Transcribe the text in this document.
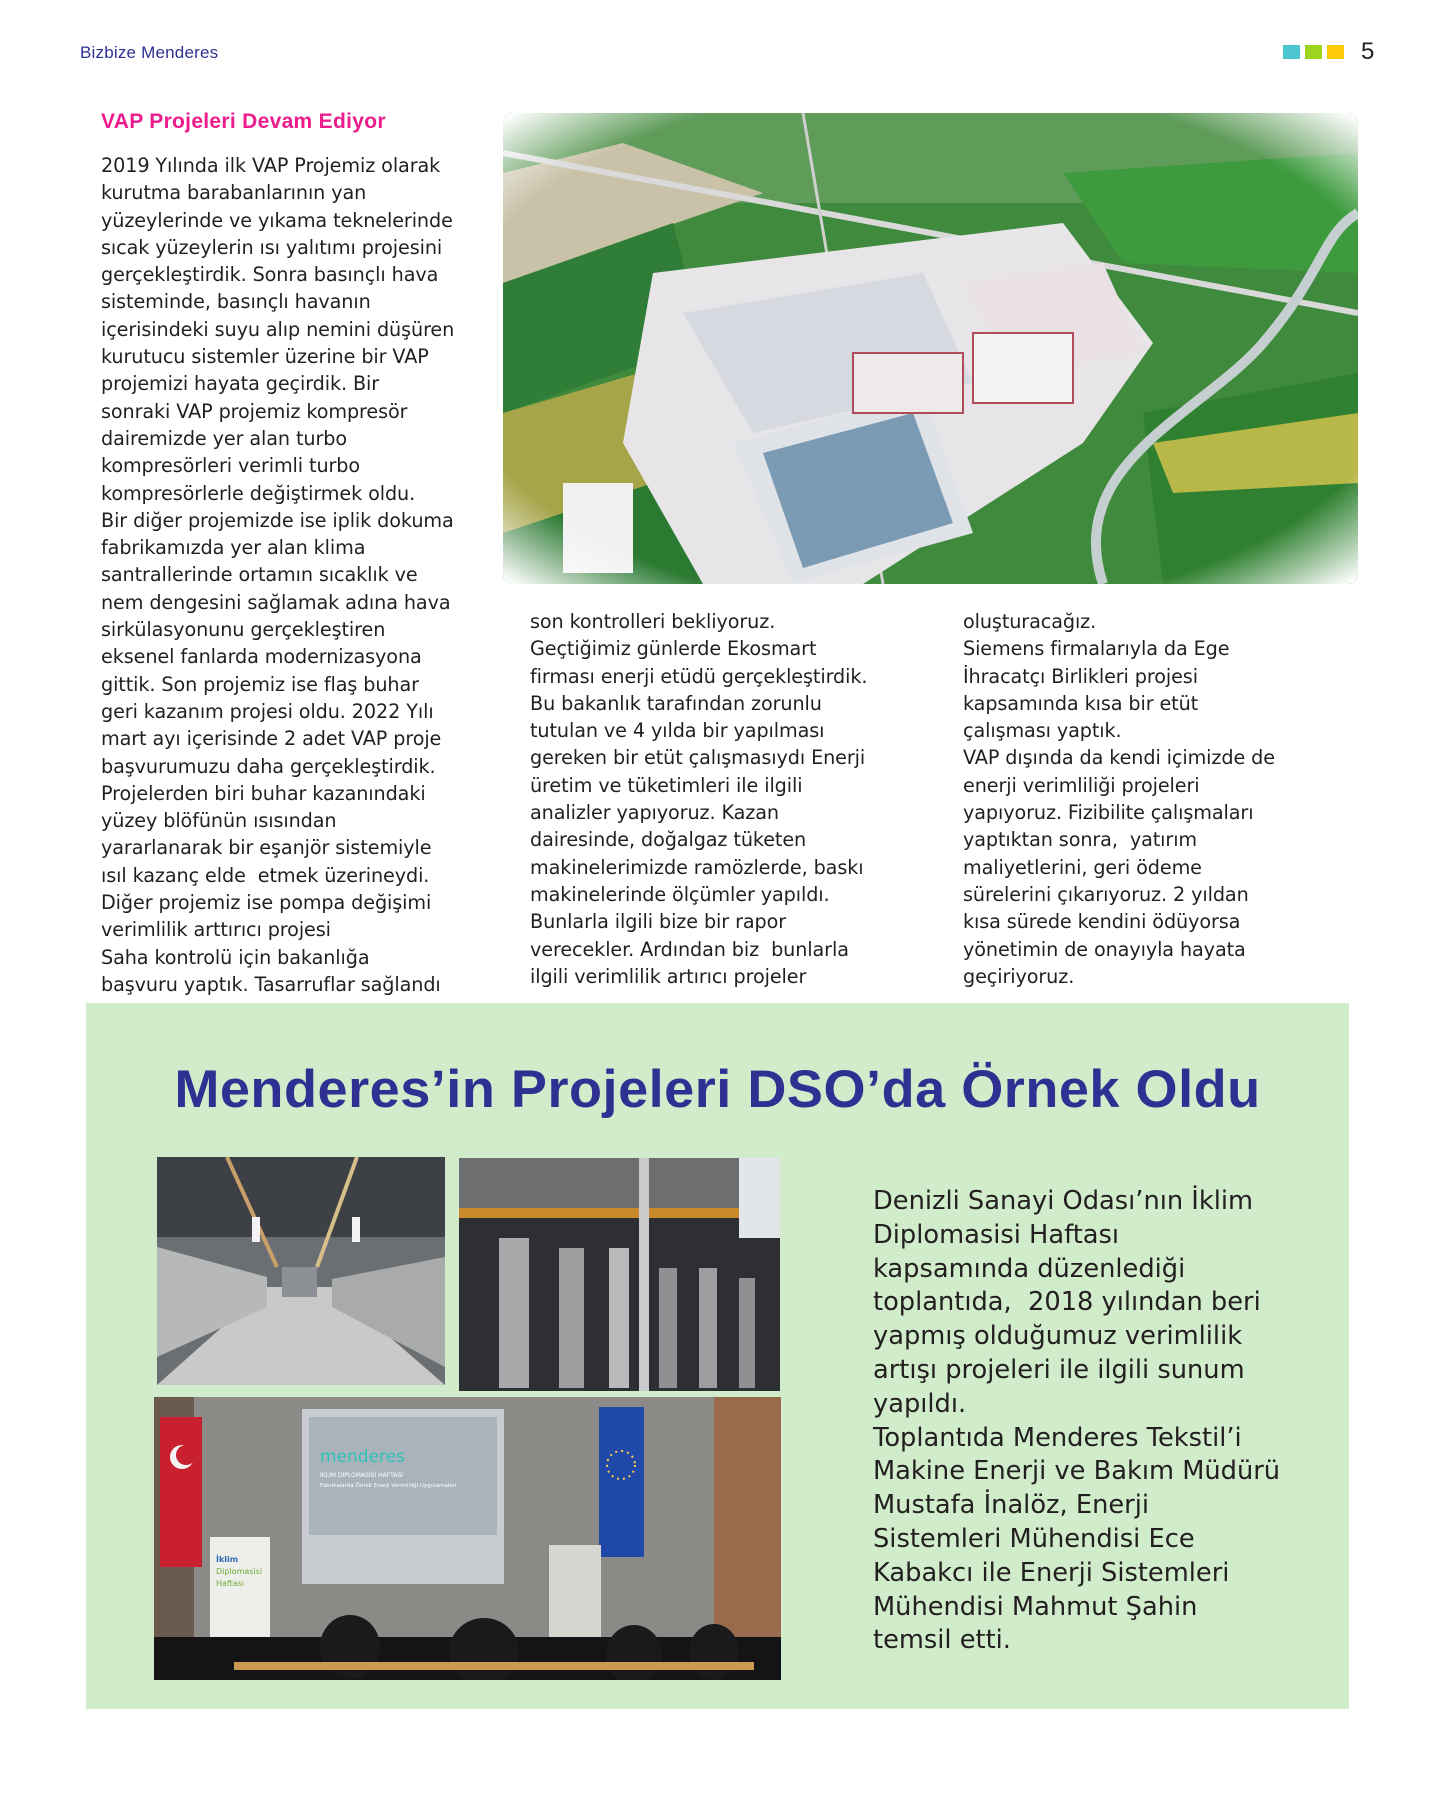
Bizbize Menderes	5
VAP Projeleri Devam Ediyor
2019 Yılında ilk VAP Projemiz olarak
kurutma barabanlarının yan
yüzeylerinde ve yıkama teknelerinde
sıcak yüzeylerin ısı yalıtımı projesini
gerçekleştirdik. Sonra basınçlı hava
sisteminde, basınçlı havanın
içerisindeki suyu alıp nemini düşüren
kurutucu sistemler üzerine bir VAP
projemizi hayata geçirdik. Bir
sonraki VAP projemiz kompresör
dairemizde yer alan turbo
kompresörleri verimli turbo
kompresörlerle değiştirmek oldu.
Bir diğer projemizde ise iplik dokuma
fabrikamızda yer alan klima
santrallerinde ortamın sıcaklık ve
nem dengesini sağlamak adına hava
sirkülasyonunu gerçekleştiren
eksenel fanlarda modernizasyona
gittik. Son projemiz ise flaş buhar
geri kazanım projesi oldu. 2022 Yılı
mart ayı içerisinde 2 adet VAP proje
başvurumuzu daha gerçekleştirdik.
Projelerden biri buhar kazanındaki
yüzey blöfünün ısısından
yararlanarak bir eşanjör sistemiyle
ısıl kazanç elde  etmek üzerineydi.
Diğer projemiz ise pompa değişimi
verimlilik arttırıcı projesi
Saha kontrolü için bakanlığa
başvuru yaptık. Tasarruflar sağlandı
son kontrolleri bekliyoruz.
Geçtiğimiz günlerde Ekosmart
firması enerji etüdü gerçekleştirdik.
Bu bakanlık tarafından zorunlu
tutulan ve 4 yılda bir yapılması
gereken bir etüt çalışmasıydı Enerji
üretim ve tüketimleri ile ilgili
analizler yapıyoruz. Kazan
dairesinde, doğalgaz tüketen
makinelerimizde ramözlerde, baskı
makinelerinde ölçümler yapıldı.
Bunlarla ilgili bize bir rapor
verecekler. Ardından biz  bunlarla
ilgili verimlilik artırıcı projeler
oluşturacağız.
Siemens firmalarıyla da Ege
İhracatçı Birlikleri projesi
kapsamında kısa bir etüt
çalışması yaptık.
VAP dışında da kendi içimizde de
enerji verimliliği projeleri
yapıyoruz. Fizibilite çalışmaları
yaptıktan sonra,  yatırım
maliyetlerini, geri ödeme
sürelerini çıkarıyoruz. 2 yıldan
kısa sürede kendini ödüyorsa
yönetimin de onayıyla hayata
geçiriyoruz.
Menderes’in Projeleri DSO’da Örnek Oldu
menderes
İKLİM DİPLOMASİSİ HAFTASI
Fabrikalarda Örnek Enerji Verimliliği Uygulamaları
İklim
Diplomasisi
Haftası
Denizli Sanayi Odası’nın İklim
Diplomasisi Haftası
kapsamında düzenlediği
toplantıda,  2018 yılından beri
yapmış olduğumuz verimlilik
artışı projeleri ile ilgili sunum
yapıldı.
Toplantıda Menderes Tekstil’i
Makine Enerji ve Bakım Müdürü
Mustafa İnalöz, Enerji
Sistemleri Mühendisi Ece
Kabakcı ile Enerji Sistemleri
Mühendisi Mahmut Şahin
temsil etti.
